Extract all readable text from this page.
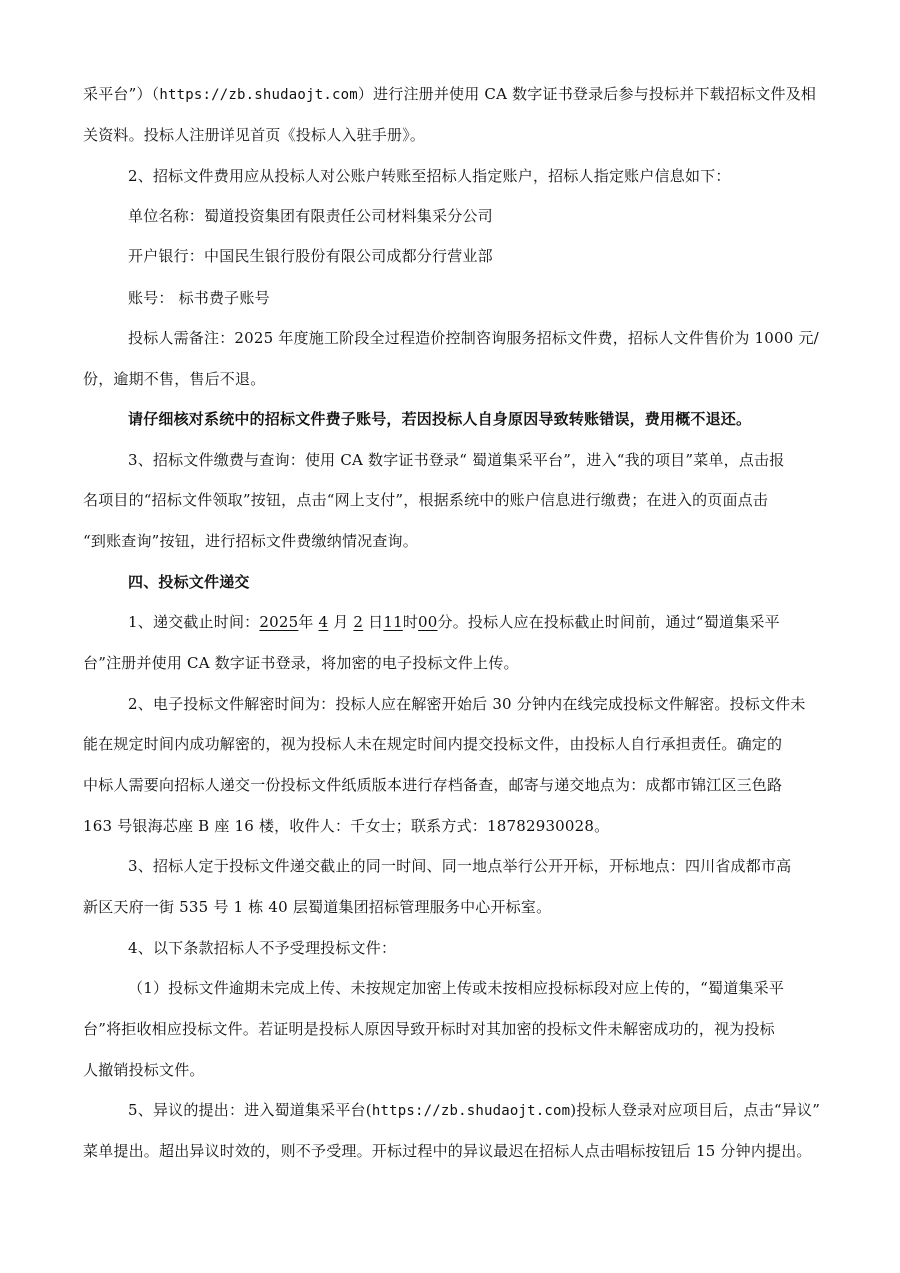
采平台”）（https://zb.shudaojt.com）进行注册并使用 CA 数字证书登录后参与投标并下载招标文件及相
关资料。投标人注册详见首页《投标人入驻手册》。
2、招标文件费用应从投标人对公账户转账至招标人指定账户，招标人指定账户信息如下：
单位名称：蜀道投资集团有限责任公司材料集采分公司
开户银行：中国民生银行股份有限公司成都分行营业部
账号： 标书费子账号
投标人需备注：2025 年度施工阶段全过程造价控制咨询服务招标文件费，招标人文件售价为 1000 元/
份，逾期不售，售后不退。
请仔细核对系统中的招标文件费子账号，若因投标人自身原因导致转账错误，费用概不退还。
3、招标文件缴费与查询：使用 CA 数字证书登录“ 蜀道集采平台”，进入“我的项目”菜单，点击报
名项目的“招标文件领取”按钮，点击“网上支付”，根据系统中的账户信息进行缴费；在进入的页面点击
“到账查询”按钮，进行招标文件费缴纳情况查询。
四、投标文件递交
1、递交截止时间：2025年 4 月 2 日11时00分。投标人应在投标截止时间前，通过“蜀道集采平
台”注册并使用 CA 数字证书登录，将加密的电子投标文件上传。
2、电子投标文件解密时间为：投标人应在解密开始后 30 分钟内在线完成投标文件解密。投标文件未
能在规定时间内成功解密的，视为投标人未在规定时间内提交投标文件，由投标人自行承担责任。确定的
中标人需要向招标人递交一份投标文件纸质版本进行存档备查，邮寄与递交地点为：成都市锦江区三色路
163 号银海芯座 B 座 16 楼，收件人：千女士；联系方式：18782930028。
3、招标人定于投标文件递交截止的同一时间、同一地点举行公开开标，开标地点：四川省成都市高
新区天府一街 535 号 1 栋 40 层蜀道集团招标管理服务中心开标室。
4、以下条款招标人不予受理投标文件：
（1）投标文件逾期未完成上传、未按规定加密上传或未按相应投标标段对应上传的，“蜀道集采平
台”将拒收相应投标文件。若证明是投标人原因导致开标时对其加密的投标文件未解密成功的，视为投标
人撤销投标文件。
5、异议的提出：进入蜀道集采平台(https://zb.shudaojt.com)投标人登录对应项目后，点击“异议”
菜单提出。超出异议时效的，则不予受理。开标过程中的异议最迟在招标人点击唱标按钮后 15 分钟内提出。
